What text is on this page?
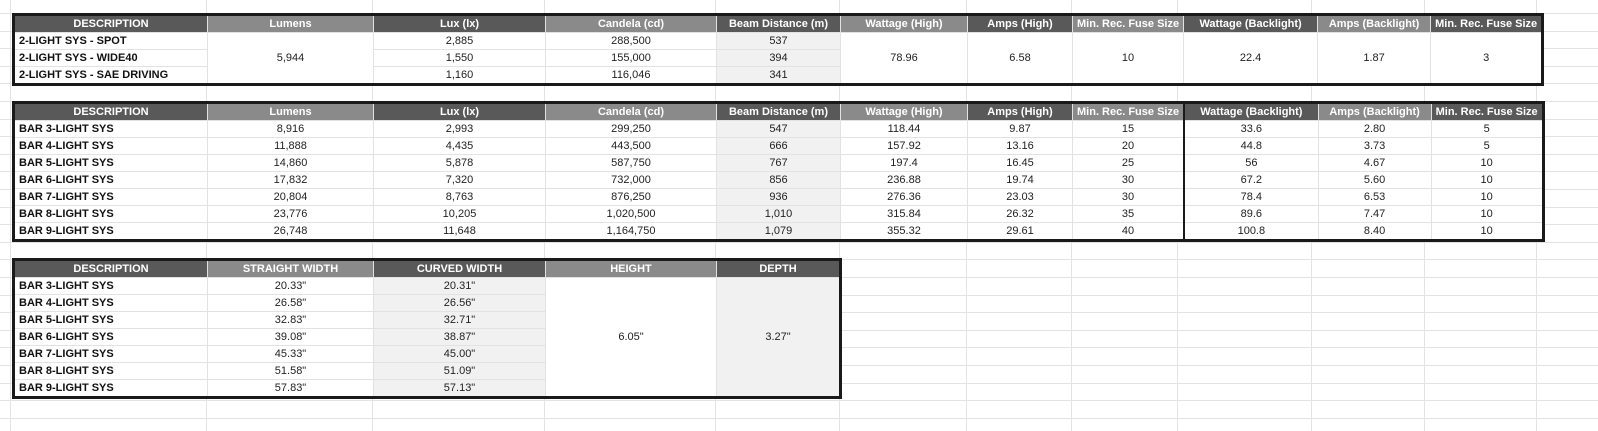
DESCRIPTION	Lumens	Lux (lx)	Candela (cd)	Beam Distance (m)	Wattage (High)	Amps (High)	Min. Rec. Fuse Size	Wattage (Backlight)	Amps (Backlight)	Min. Rec. Fuse Size
2-LIGHT SYS - SPOT	5,944	2,885	288,500	537	78.96	6.58	10	22.4	1.87	3
2-LIGHT SYS - WIDE40		1,550	155,000	394						
2-LIGHT SYS - SAE DRIVING		1,160	116,046	341						
DESCRIPTION	Lumens	Lux (lx)	Candela (cd)	Beam Distance (m)	Wattage (High)	Amps (High)	Min. Rec. Fuse Size	Wattage (Backlight)	Amps (Backlight)	Min. Rec. Fuse Size
BAR 3-LIGHT SYS	8,916	2,993	299,250	547	118.44	9.87	15	33.6	2.80	5
BAR 4-LIGHT SYS	11,888	4,435	443,500	666	157.92	13.16	20	44.8	3.73	5
BAR 5-LIGHT SYS	14,860	5,878	587,750	767	197.4	16.45	25	56	4.67	10
BAR 6-LIGHT SYS	17,832	7,320	732,000	856	236.88	19.74	30	67.2	5.60	10
BAR 7-LIGHT SYS	20,804	8,763	876,250	936	276.36	23.03	30	78.4	6.53	10
BAR 8-LIGHT SYS	23,776	10,205	1,020,500	1,010	315.84	26.32	35	89.6	7.47	10
BAR 9-LIGHT SYS	26,748	11,648	1,164,750	1,079	355.32	29.61	40	100.8	8.40	10
DESCRIPTION	STRAIGHT WIDTH	CURVED WIDTH	HEIGHT	DEPTH
BAR 3-LIGHT SYS	20.33"	20.31"	6.05"	3.27"
BAR 4-LIGHT SYS	26.58"	26.56"		
BAR 5-LIGHT SYS	32.83"	32.71"		
BAR 6-LIGHT SYS	39.08"	38.87"		
BAR 7-LIGHT SYS	45.33"	45.00"		
BAR 8-LIGHT SYS	51.58"	51.09"		
BAR 9-LIGHT SYS	57.83"	57.13"		
